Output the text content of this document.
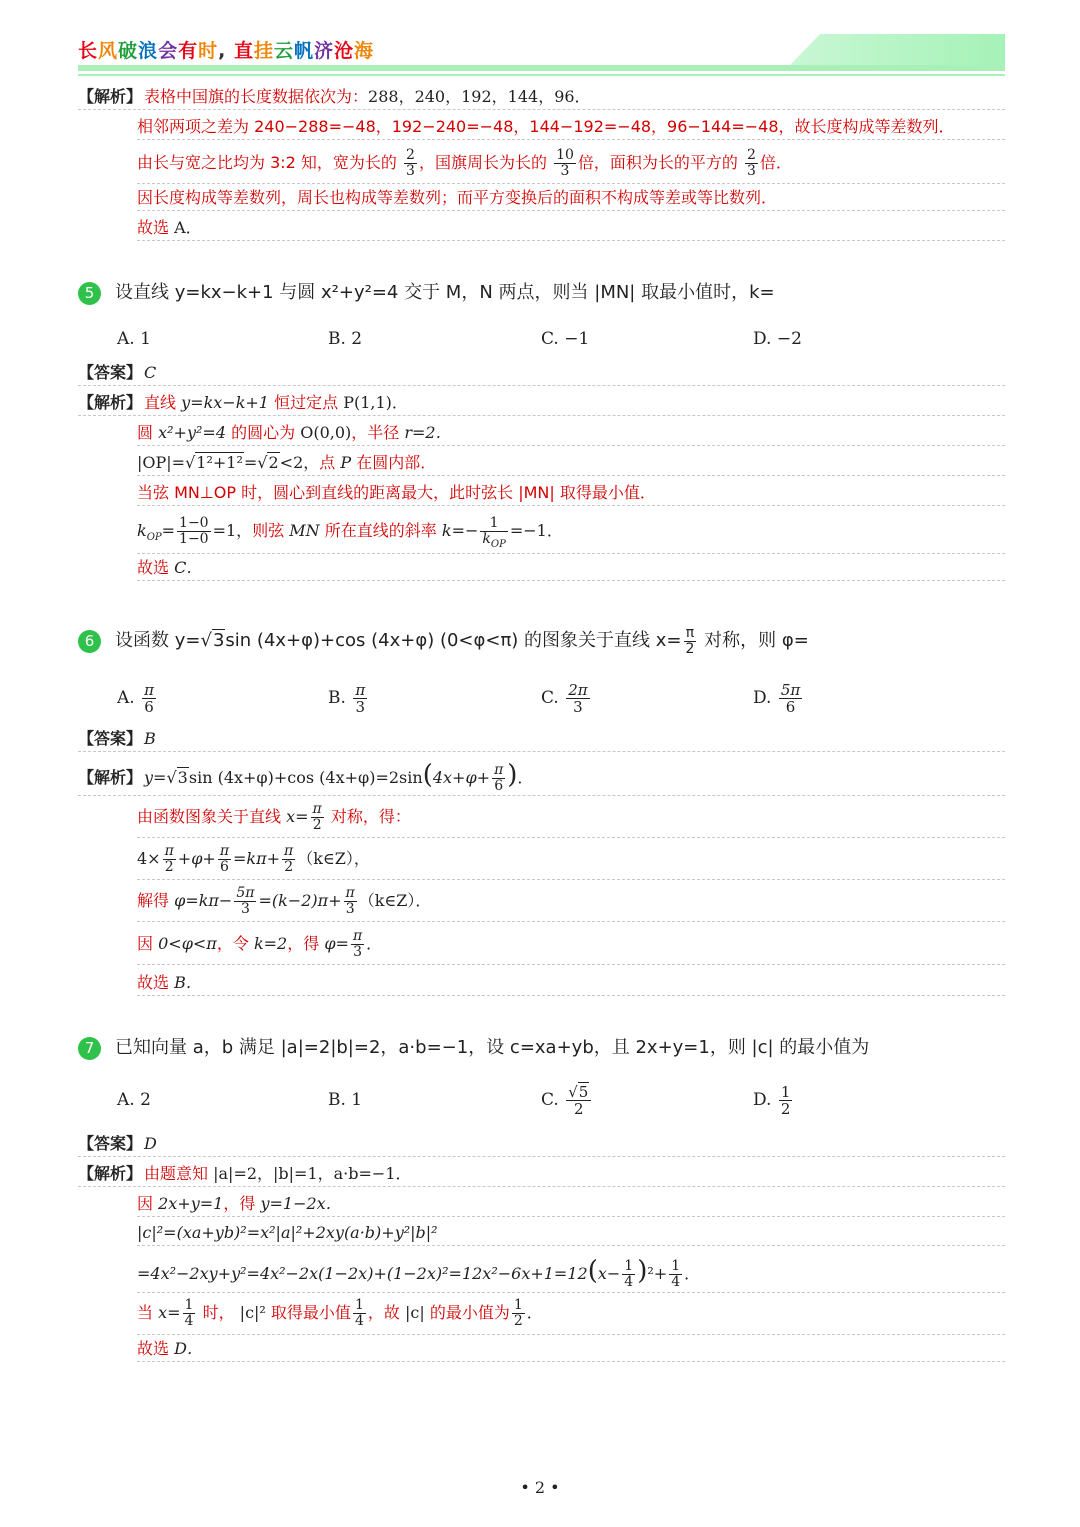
长风破浪会有时, 直挂云帆济沧海
【解析】 表格中国旗的长度数据依次为：288，240，192，144，96．
相邻两项之差为 240−288=−48，192−240=−48，144−192=−48，96−144=−48，故长度构成等差数列．
由长与宽之比均为 3:2 知，宽为长的 $\frac{2}{3}$ ，国旗周长为长的 $\frac{10}{3}$ 倍，面积为长的平方的 $\frac{2}{3}$ 倍．
因长度构成等差数列，周长也构成等差数列；而平方变换后的面积不构成等差或等比数列．
故选 A．
5 设直线 y=kx−k+1 与圆 x²+y²=4 交于 M，N 两点，则当 |MN| 取最小值时，k=
A. 1	B. 2	C. −1	D. −2
【答案】 C
【解析】 直线 y=kx−k+1 恒过定点 P(1,1)．
圆 x²+y²=4 的圆心为 O(0,0)，半径 r=2．
|OP|=√1²+1²=√2<2，点 P 在圆内部．
当弦 MN⊥OP 时，圆心到直线的距离最大，此时弦长 |MN| 取得最小值．
$k_{OP}= \frac{1-0}{1-0} =1$，则弦 MN 所在直线的斜率 $k=- \frac{1}{k_{OP}} =-1$．
故选 C．
6 设函数 y=√3sin (4x+φ)+cos (4x+φ) (0<φ<π) 的图象关于直线 $x= \frac{\pi}{2}$ 对称，则 φ=
A. $\frac{\pi}{6}$	B. $\frac{\pi}{3}$	C. $\frac{2\pi}{3}$	D. $\frac{5\pi}{6}$
【答案】 B
【解析】 y=√3sin (4x+φ)+cos $(4x+\varphi)=2\sin(4x+\varphi+ \frac{\pi}{6}$ )．
由函数图象关于直线 $x= \frac{\pi}{2}$ 对称，得：
$4\times \frac{\pi}{2} +\varphi+ \frac{\pi}{6} =k\pi+ \frac{\pi}{2}$ （k∈Z），
解得 $\varphi=k\pi- \frac{5\pi}{3} =(k-2)\pi+ \frac{\pi}{3}$ （k∈Z）．
因 0<φ<π，令 k=2，得 $\varphi= \frac{\pi}{3}$ ．
故选 B．
7 已知向量 a，b 满足 |a|=2|b|=2，a·b=−1，设 c=xa+yb，且 2x+y=1，则 |c| 的最小值为
A. 2	B. 1	C. $\frac{√5}{2}$	D. $\frac{1}{2}$
【答案】 D
【解析】 由题意知 |a|=2，|b|=1，a·b=−1．
因 2x+y=1，得 y=1−2x．
|c|²=(xa+yb)²=x²|a|²+2xy(a·b)+y²|b|²
$=4x^2-2xy+y^2=4x^2-2x(1-2x)+(1-2x)^2=12x^2-6x+1=12(x- \frac{1}{4} )^2+ \frac{1}{4}$ ．
当 $x= \frac{1}{4}$ 时， |c|² 取得最小值 $\frac{1}{4}$ ，故 |c| 的最小值为 $\frac{1}{2}$ ．
故选 D．
• 2 •
